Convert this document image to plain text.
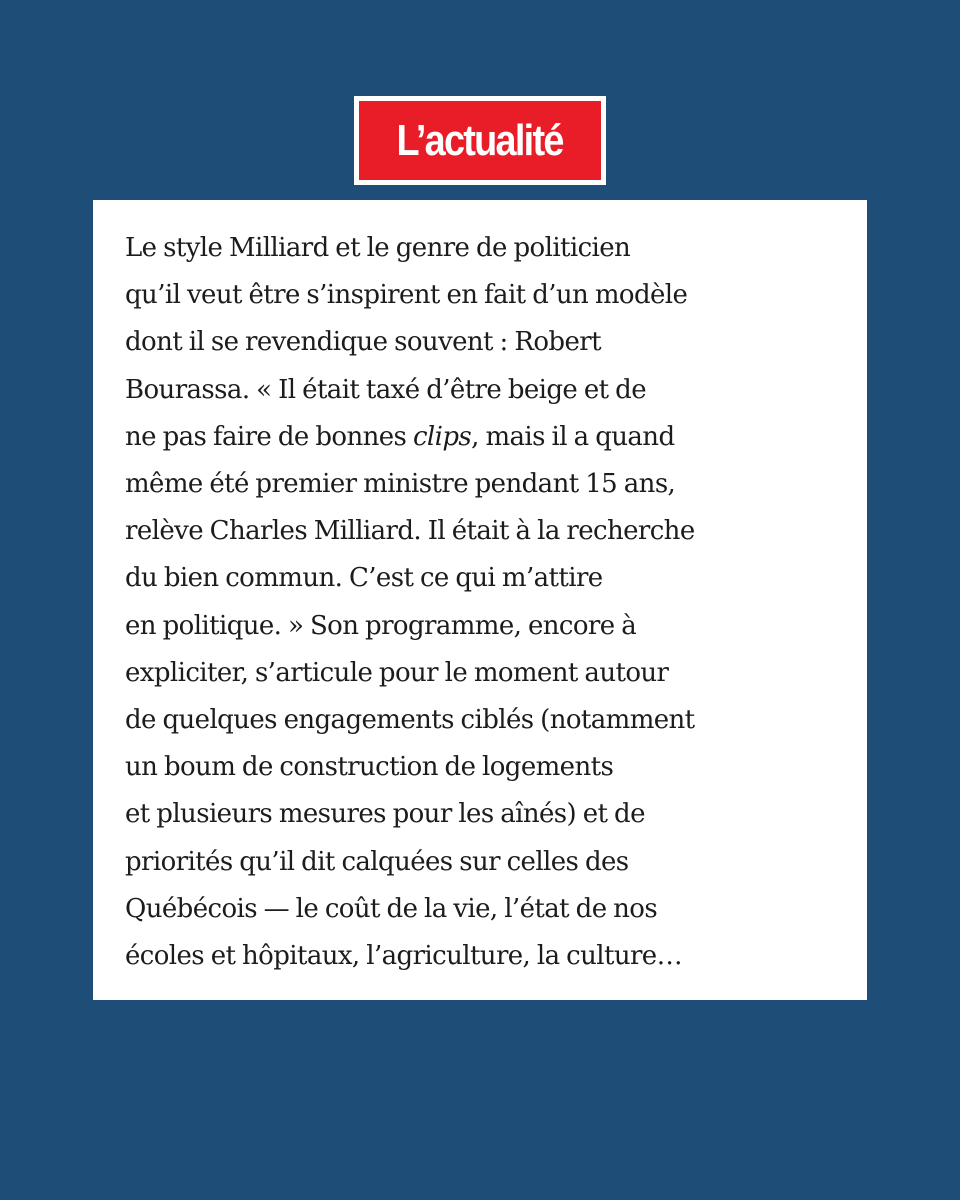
L’actualité

Le style Milliard et le genre de politicien
qu’il veut être s’inspirent en fait d’un modèle
dont il se revendique souvent : Robert
Bourassa. « Il était taxé d’être beige et de
ne pas faire de bonnes clips, mais il a quand
même été premier ministre pendant 15 ans,
relève Charles Milliard. Il était à la recherche
du bien commun. C’est ce qui m’attire
en politique. » Son programme, encore à
expliciter, s’articule pour le moment autour
de quelques engagements ciblés (notamment
un boum de construction de logements
et plusieurs mesures pour les aînés) et de
priorités qu’il dit calquées sur celles des
Québécois — le coût de la vie, l’état de nos
écoles et hôpitaux, l’agriculture, la culture…
